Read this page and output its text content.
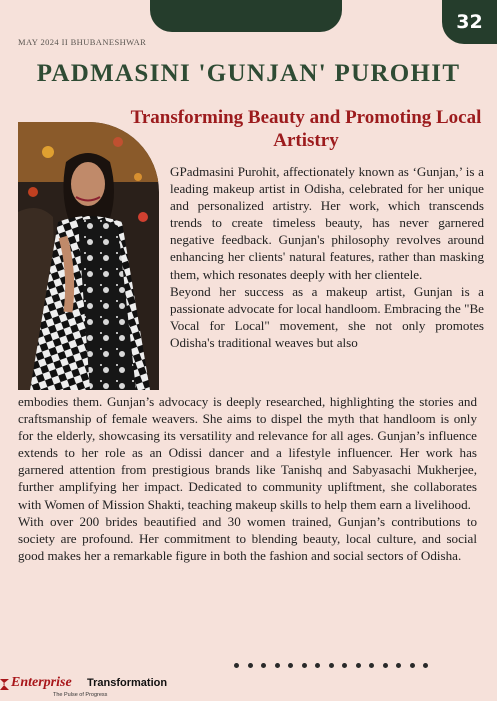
32
MAY 2024 II BHUBANESHWAR
PADMASINI 'GUNJAN' PUROHIT
Transforming Beauty and Promoting Local Artistry

GPadmasini Purohit, affectionately known as ‘Gunjan,’ is a leading makeup artist in Odisha, celebrated for her unique and personalized artistry. Her work, which transcends trends to create timeless beauty, has never garnered negative feedback. Gunjan's philosophy revolves around enhancing her clients' natural features, rather than masking them, which resonates deeply with her clientele.

Beyond her success as a makeup artist, Gunjan is a passionate advocate for local handloom. Embracing the "Be Vocal for Local" movement, she not only promotes Odisha's traditional weaves but also

embodies them. Gunjan’s advocacy is deeply researched, highlighting the stories and craftsmanship of female weavers. She aims to dispel the myth that handloom is only for the elderly, showcasing its versatility and relevance for all ages. Gunjan’s influence extends to her role as an Odissi dancer and a lifestyle influencer. Her work has garnered attention from prestigious brands like Tanishq and Sabyasachi Mukherjee, further amplifying her impact. Dedicated to community upliftment, she collaborates with Women of Mission Shakti, teaching makeup skills to help them earn a livelihood.

With over 200 brides beautified and 30 women trained, Gunjan’s contributions to society are profound. Her commitment to blending beauty, local culture, and social good makes her a remarkable figure in both the fashion and social sectors of Odisha.

Enterprise Transformation
The Pulse of Progress
